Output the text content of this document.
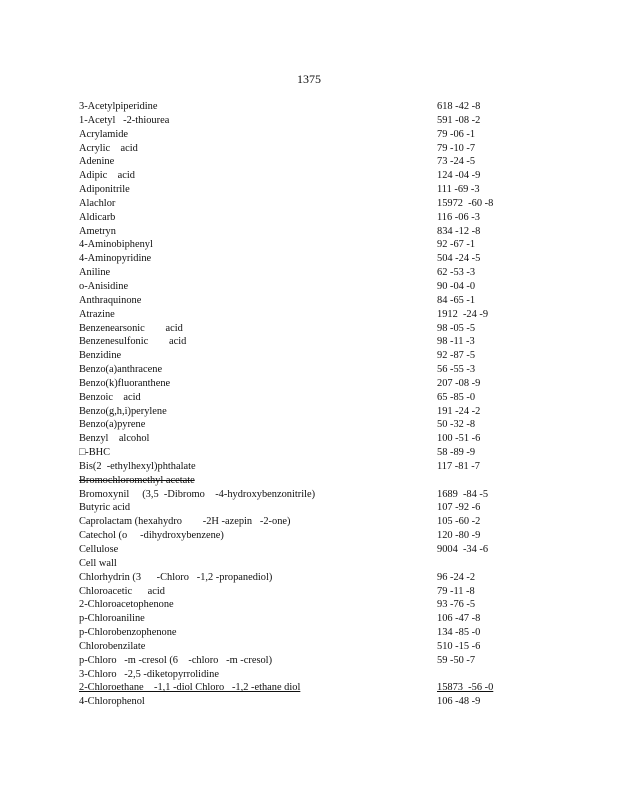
1375
3-Acetylpiperidine	618 -42 -8
1-Acetyl   -2-thiourea	591 -08 -2
Acrylamide	79 -06 -1
Acrylic    acid	79 -10 -7
Adenine	73 -24 -5
Adipic    acid	124 -04 -9
Adiponitrile	111 -69 -3
Alachlor	15972  -60 -8
Aldicarb	116 -06 -3
Ametryn	834 -12 -8
4-Aminobiphenyl	92 -67 -1
4-Aminopyridine	504 -24 -5
Aniline	62 -53 -3
o-Anisidine	90 -04 -0
Anthraquinone	84 -65 -1
Atrazine	1912  -24 -9
Benzenearsonic        acid	98 -05 -5
Benzenesulfonic        acid	98 -11 -3
Benzidine	92 -87 -5
Benzo(a)anthracene	56 -55 -3
Benzo(k)fluoranthene	207 -08 -9
Benzoic    acid	65 -85 -0
Benzo(g,h,i)perylene	191 -24 -2
Benzo(a)pyrene	50 -32 -8
Benzyl    alcohol	100 -51 -6
□-BHC	58 -89 -9
Bis(2  -ethylhexyl)phthalate	117 -81 -7
Bromochloromethyl acetate
Bromoxynil     (3,5  -Dibromo    -4-hydroxybenzonitrile)	1689  -84 -5
Butyric acid	107 -92 -6
Caprolactam (hexahydro        -2H -azepin   -2-one)	105 -60 -2
Catechol (o     -dihydroxybenzene)	120 -80 -9
Cellulose	9004  -34 -6
Cell wall
Chlorhydrin (3      -Chloro   -1,2 -propanediol)	96 -24 -2
Chloroacetic      acid	79 -11 -8
2-Chloroacetophenone	93 -76 -5
p-Chloroaniline	106 -47 -8
p-Chlorobenzophenone	134 -85 -0
Chlorobenzilate	510 -15 -6
p-Chloro   -m -cresol (6    -chloro   -m -cresol)	59 -50 -7
3-Chloro   -2,5 -diketopyrrolidine
2-Chloroethane    -1,1 -diol Chloro   -1,2 -ethane diol	15873  -56 -0
4-Chlorophenol	106 -48 -9
